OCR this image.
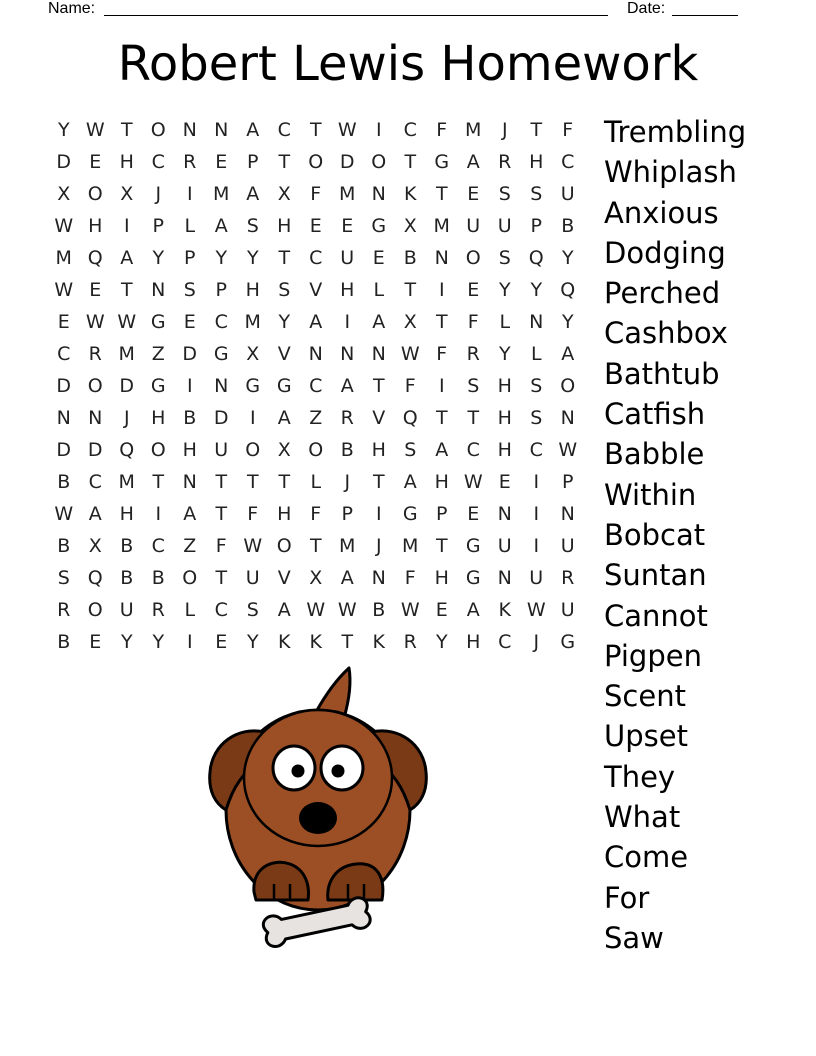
Name:	Date:
Robert Lewis Homework
Y W T O N N A C	T W	I	C	F M	J	T	F
D E H C R E	P	T O D O T G A R H C
X O X	J	I	M A X	F M N K	T	E	S	S U
W H	I	P	L	A S H E	E G X M U U P	B
M Q A	Y	P	Y	Y	T	C U E B N O S Q Y
W E	T N S	P H S V H	L	T	I	E	Y	Y Q
E W W G E C M Y	A	I	A X	T	F	L	N Y
C R M Z D G X V N N N W F	R	Y	L	A
D O D G	I	N G G C A	T	F	I	S H S O
N N	J	H B D	I	A Z R V Q T	T H S N
D D Q O H U O X O B H S A C H C W
B C M T N T	T	T	L	J	T	A H W E	I	P
W A H	I	A	T	F H F	P	I	G P	E N	I	N
B X B C Z	F W O T M	J	M T G U	I	U
S Q B B O T U V X A N F H G N U R
R O U R	L	C S A W W B W E	A K W U
B E	Y	Y	I	E	Y	K	K	T	K R	Y H C	J	G
Trembling
Whiplash
Anxious
Dodging
Perched
Cashbox
Bathtub
Catfish
Babble
Within
Bobcat
Suntan
Cannot
Pigpen
Scent
Upset
They
What
Come
For
Saw
